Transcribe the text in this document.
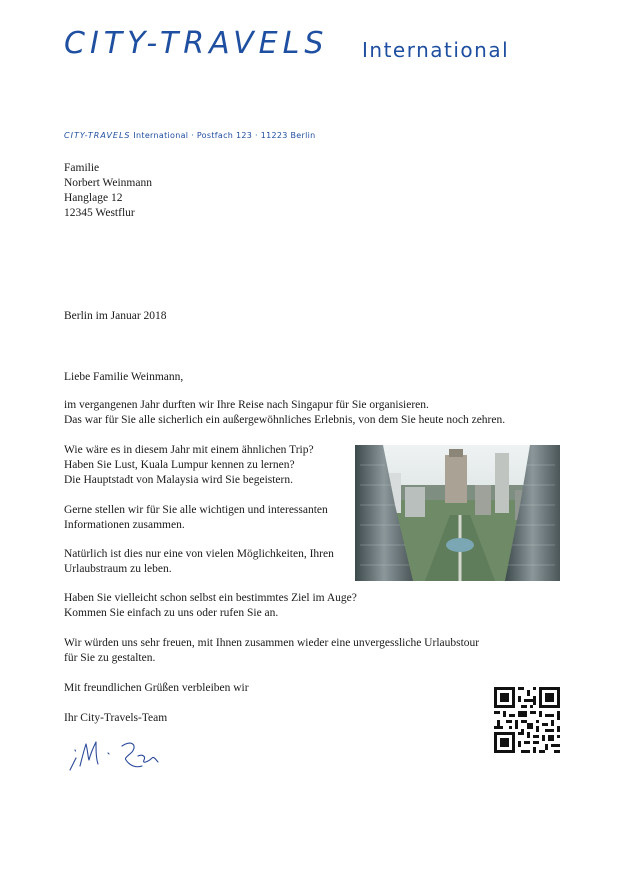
CITY-TRAVELS International
CITY-TRAVELS International · Postfach 123 · 11223 Berlin
Familie
Norbert Weinmann
Hanglage 12
12345 Westflur
Berlin im Januar 2018
Liebe Familie Weinmann,
im vergangenen Jahr durften wir Ihre Reise nach Singapur für Sie organisieren.
Das war für Sie alle sicherlich ein außergewöhnliches Erlebnis, von dem Sie heute noch zehren.
Wie wäre es in diesem Jahr mit einem ähnlichen Trip?
Haben Sie Lust, Kuala Lumpur kennen zu lernen?
Die Hauptstadt von Malaysia wird Sie begeistern.
Gerne stellen wir für Sie alle wichtigen und interessanten
Informationen zusammen.
Natürlich ist dies nur eine von vielen Möglichkeiten, Ihren
Urlaubstraum zu leben.
Haben Sie vielleicht schon selbst ein bestimmtes Ziel im Auge?
Kommen Sie einfach zu uns oder rufen Sie an.
Wir würden uns sehr freuen, mit Ihnen zusammen wieder eine unvergessliche Urlaubstour
für Sie zu gestalten.
Mit freundlichen Grüßen verbleiben wir
Ihr City-Travels-Team
